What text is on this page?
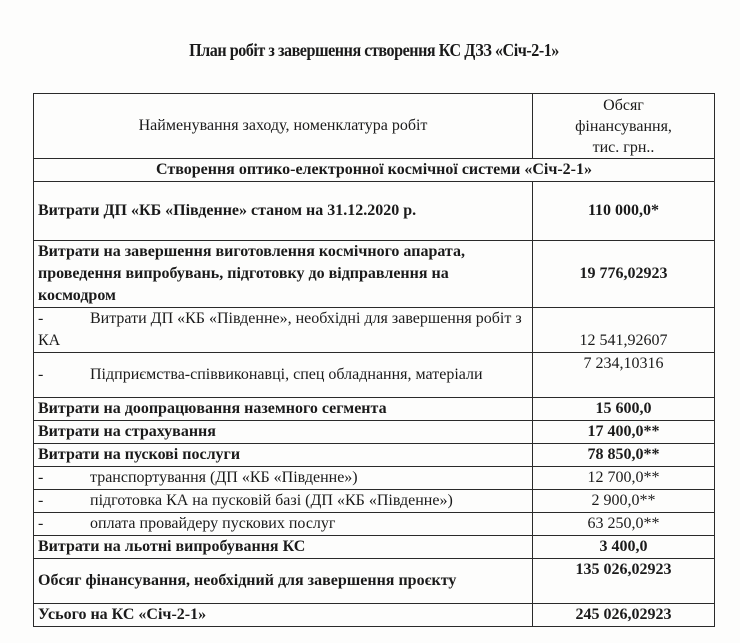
План робіт з завершення створення КС ДЗЗ «Січ-2-1»
Найменування заходу, номенклатура робіт	Обсяг
фінансування,
тис. грн..

Створення оптико-електронної космічної системи «Січ-2-1»	
Витрати ДП «КБ «Південне» станом на 31.12.2020 р.	110 000,0*
Витрати на завершення виготовлення космічного апарата, проведення випробувань, підготовку до відправлення на космодром	19 776,02923
- Витрати ДП «КБ «Південне», необхідні для завершення робіт з КА	12 541,92607
- Підприємства-співвиконавці, спец обладнання, матеріали	7 234,10316
Витрати на доопрацювання наземного сегмента	15 600,0
Витрати на страхування	17 400,0**
Витрати на пускові послуги	78 850,0**
- транспортування (ДП «КБ «Південне»)	12 700,0**
- підготовка КА на пусковій базі (ДП «КБ «Південне»)	2 900,0**
- оплата провайдеру пускових послуг	63 250,0**
Витрати на льотні випробування КС	3 400,0
Обсяг фінансування, необхідний для завершення проєкту	135 026,02923
Усього на КС «Січ-2-1»	245 026,02923
